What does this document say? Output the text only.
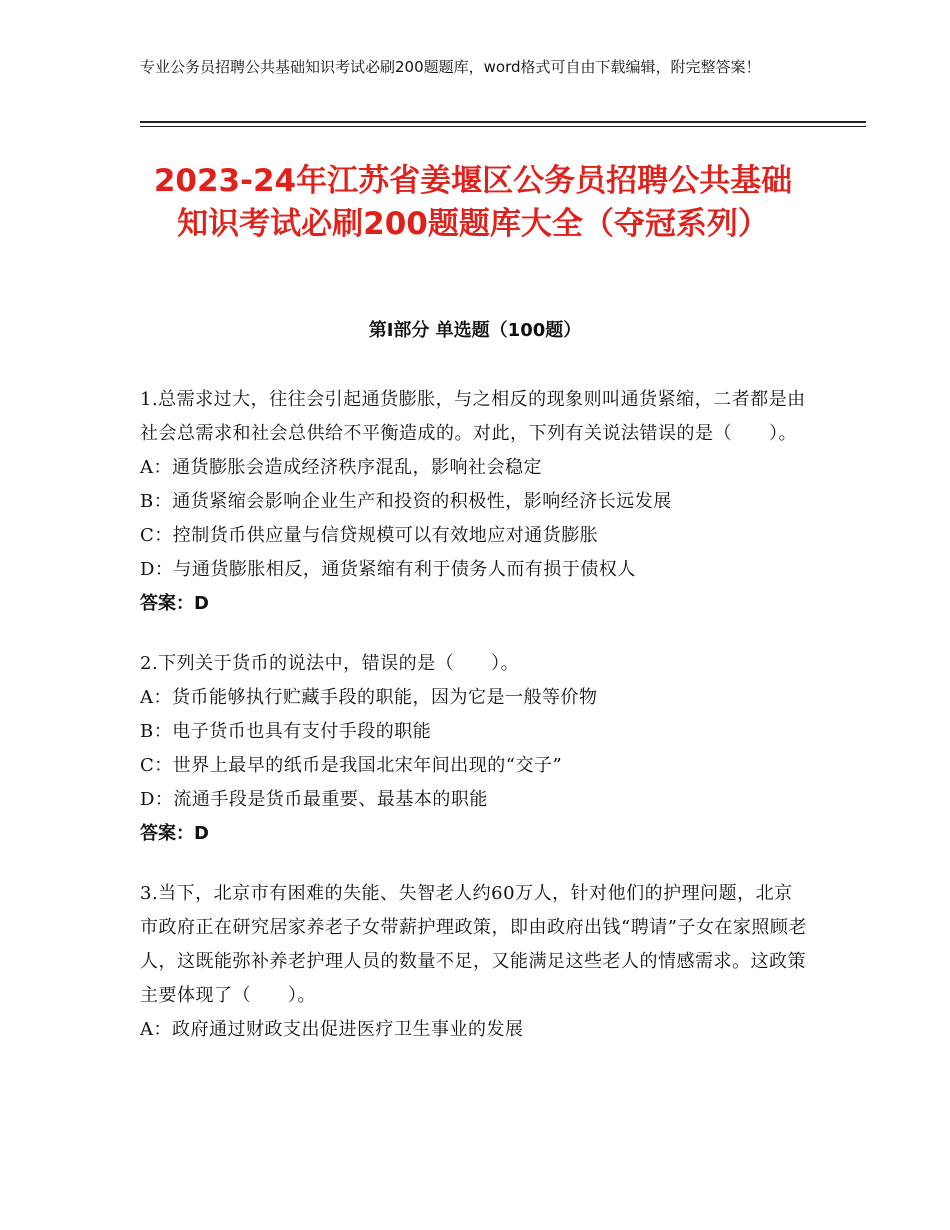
专业公务员招聘公共基础知识考试必刷200题题库，word格式可自由下载编辑，附完整答案！
2023-24年江苏省姜堰区公务员招聘公共基础知识考试必刷200题题库大全（夺冠系列）
第Ⅰ部分 单选题（100题）
1.总需求过大，往往会引起通货膨胀，与之相反的现象则叫通货紧缩，二者都是由社会总需求和社会总供给不平衡造成的。对此，下列有关说法错误的是（　　）。
A：通货膨胀会造成经济秩序混乱，影响社会稳定
B：通货紧缩会影响企业生产和投资的积极性，影响经济长远发展
C：控制货币供应量与信贷规模可以有效地应对通货膨胀
D：与通货膨胀相反，通货紧缩有利于债务人而有损于债权人
答案：D
2.下列关于货币的说法中，错误的是（　　）。
A：货币能够执行贮藏手段的职能，因为它是一般等价物
B：电子货币也具有支付手段的职能
C：世界上最早的纸币是我国北宋年间出现的“交子”
D：流通手段是货币最重要、最基本的职能
答案：D
3.当下，北京市有困难的失能、失智老人约60万人，针对他们的护理问题，北京市政府正在研究居家养老子女带薪护理政策，即由政府出钱“聘请”子女在家照顾老人，这既能弥补养老护理人员的数量不足，又能满足这些老人的情感需求。这政策主要体现了（　　）。
A：政府通过财政支出促进医疗卫生事业的发展
